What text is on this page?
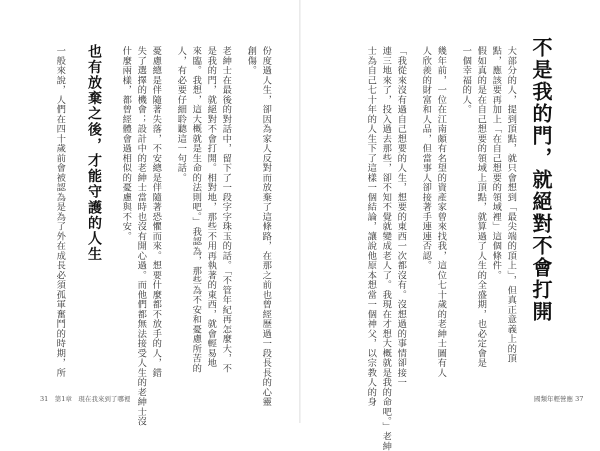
不是我的門，就絕對不會打開
大部分的人，提到頂點，就只會想到「最尖端的頂上」，但真正意義上的頂
點，應該要再加上「在自己想要的領域裡」這個條件。
假如真的是在自己想要的領域上頂點，就算過了人生的全盛期，也必定會是
一個幸福的人。
幾年前，一位在江南頗有名望的資產家曾來找我，這位七十歲的老紳士圖有人
人欣羨的財富和人品，但當事人卻接著手連連否認。
「我從來沒有過自己想要的人生，想要的東西一次都沒有。沒想過的事情卻接一
連三地來了，投入過去那些，卻不知不覺就變成老人了。我現在才想大概就是我的命吧。」老紳
士為自己七十年的人生下了這樣一個結論，讓說他原本想當一個神父，以宗教人的身	國類年輕營應 37
份度過人生，卻因為家人反對而放棄了這條路，在那之前也曾經歷過一段長長的心靈
創傷。
老紳士在最後的對話中，留下了一段字字珠玉的話。「不管年紀再怎麼大，不
是我的門，就絕對不會打開。相對地，那些不用再執著的東西，就會輕易地
來臨。我想，這大概就是生命的法則吧。」我認為，那些為不安和憂慮所苦的
人，有必要仔細聆聽這一句話。
憂慮總是伴隨著失落，不安總是伴隨著恐懼而來。想要什麼都不放手的人，錯
失了選擇的機會；設計中的老紳士當時也沒有開心過。而他們都無法接受人生的老紳士沒
什麼兩樣，都曾經體會過相似的憂慮與不安。
也有放棄之後，才能守護的人生
一般來說，人們在四十歲前會被認為是為了外在成長必須孤軍奮鬥的時期，所
31　第1章　現在我來到了哪裡
